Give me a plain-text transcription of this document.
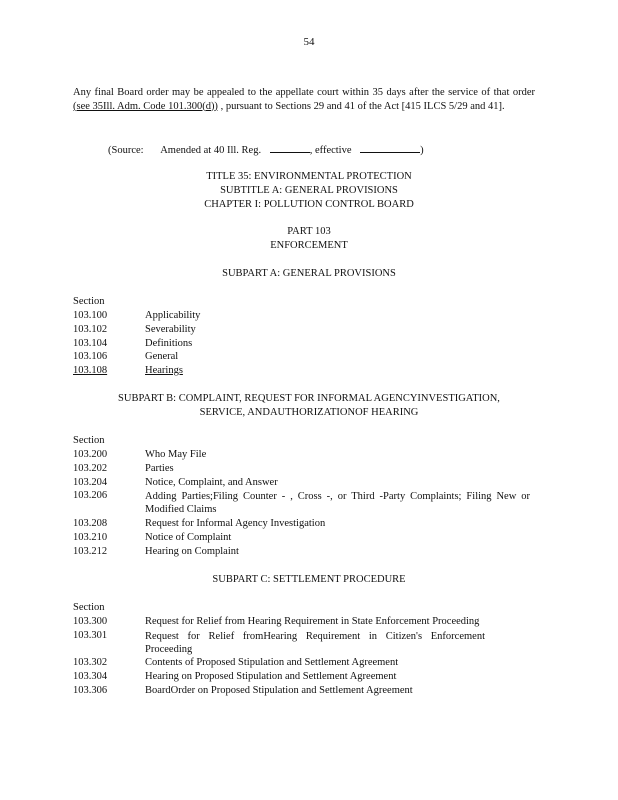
54
Any final Board order may be appealed to the appellate court within 35 days after the service of that order (see 35Ill. Adm. Code 101.300(d)) , pursuant to Sections 29 and 41 of the Act [415 ILCS 5/29 and 41].
(Source: Amended at 40 Ill. Reg.	, effective	)
TITLE 35: ENVIRONMENTAL PROTECTION
SUBTITLE A: GENERAL PROVISIONS
CHAPTER I: POLLUTION CONTROL BOARD
PART 103
ENFORCEMENT
SUBPART A: GENERAL PROVISIONS
Section
103.100	Applicability
103.102	Severability
103.104	Definitions
103.106	General
103.108	Hearings
SUBPART B: COMPLAINT, REQUEST FOR INFORMAL AGENCYINVESTIGATION,
SERVICE, ANDAUTHORIZATIONOF HEARING
Section
103.200	Who May File
103.202	Parties
103.204	Notice, Complaint, and Answer
103.206	Adding Parties;Filing Counter - , Cross -, or Third -Party Complaints; Filing New or Modified Claims
103.208	Request for Informal Agency Investigation
103.210	Notice of Complaint
103.212	Hearing on Complaint
SUBPART C: SETTLEMENT PROCEDURE
Section
103.300	Request for Relief from Hearing Requirement in State Enforcement Proceeding
103.301	Request for Relief fromHearing Requirement in Citizen's Enforcement Proceeding
103.302	Contents of Proposed Stipulation and Settlement Agreement
103.304	Hearing on Proposed Stipulation and Settlement Agreement
103.306	BoardOrder on Proposed Stipulation and Settlement Agreement
